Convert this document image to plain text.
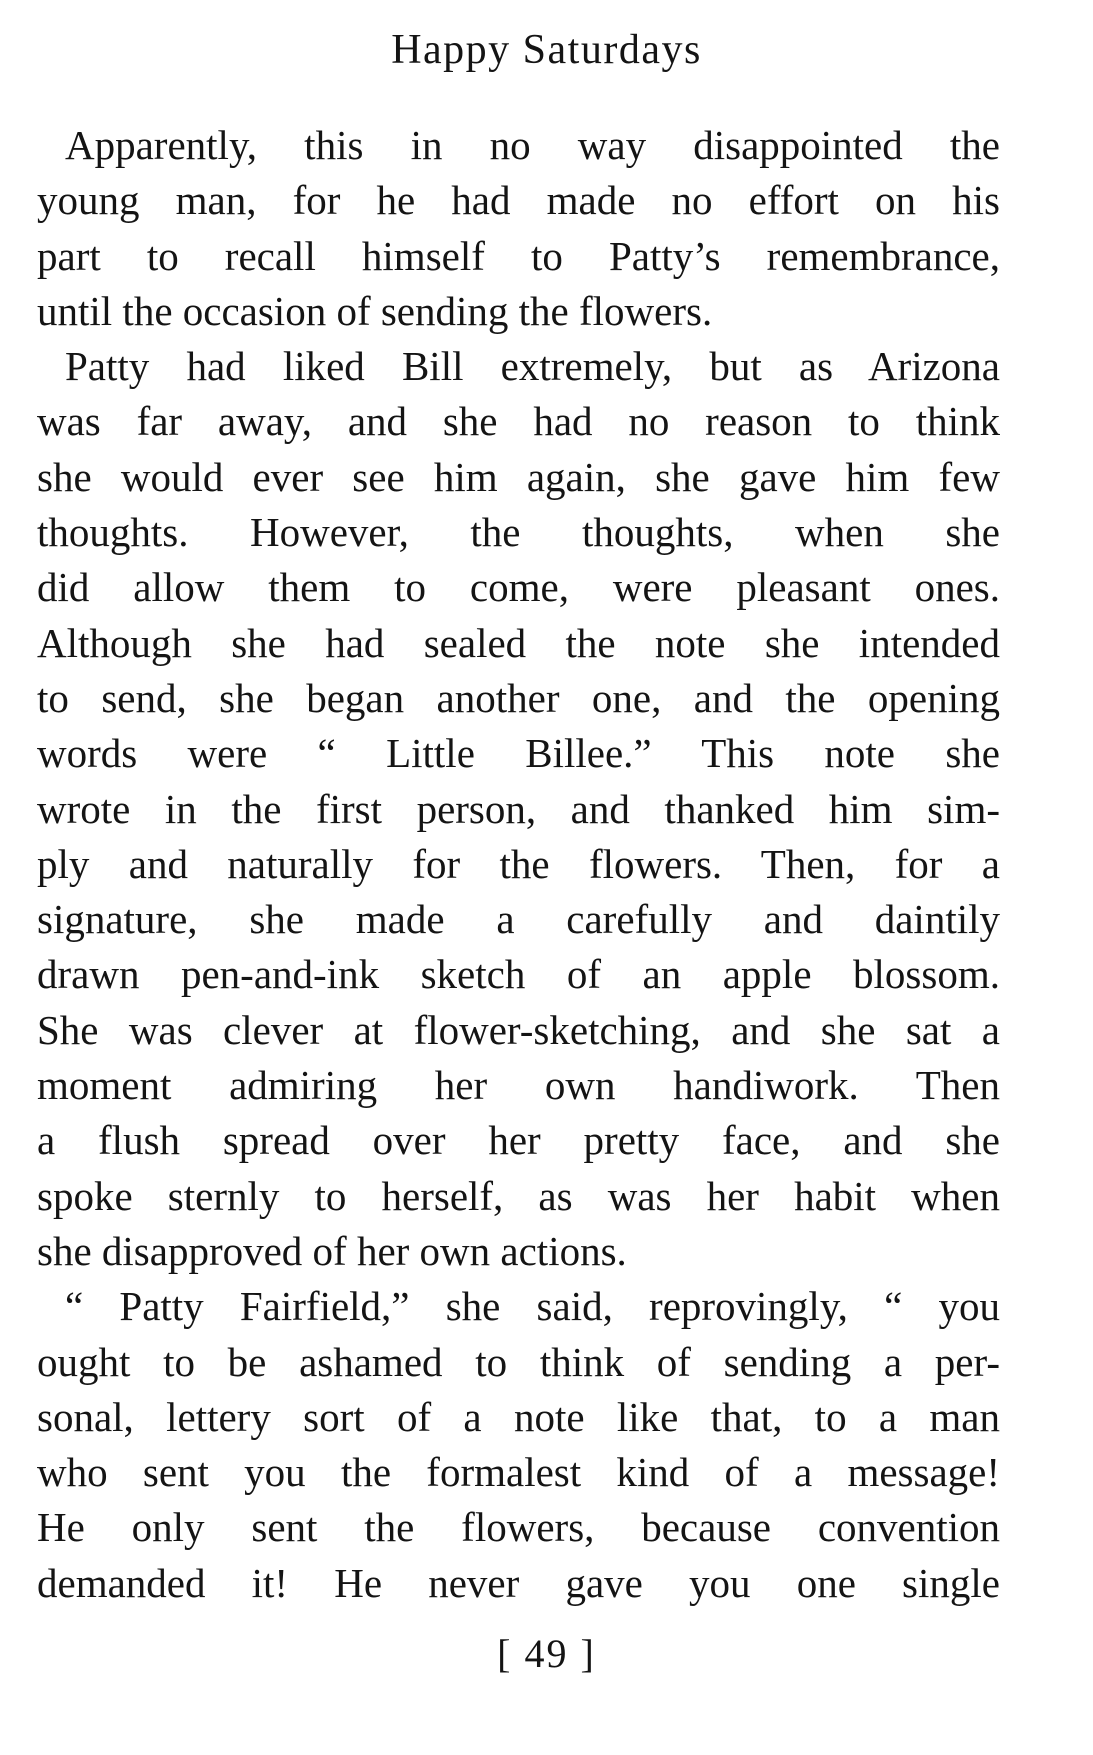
Happy Saturdays
Apparently, this in no way disappointed the
young man, for he had made no effort on his
part to recall himself to Patty’s remembrance,
until the occasion of sending the flowers.
Patty had liked Bill extremely, but as Arizona
was far away, and she had no reason to think
she would ever see him again, she gave him few
thoughts. However, the thoughts, when she
did allow them to come, were pleasant ones.
Although she had sealed the note she intended
to send, she began another one, and the opening
words were “ Little Billee.” This note she
wrote in the first person, and thanked him sim-
ply and naturally for the flowers. Then, for a
signature, she made a carefully and daintily
drawn pen-and-ink sketch of an apple blossom.
She was clever at flower-sketching, and she sat a
moment admiring her own handiwork. Then
a flush spread over her pretty face, and she
spoke sternly to herself, as was her habit when
she disapproved of her own actions.
“ Patty Fairfield,” she said, reprovingly, “ you
ought to be ashamed to think of sending a per-
sonal, lettery sort of a note like that, to a man
who sent you the formalest kind of a message!
He only sent the flowers, because convention
demanded it! He never gave you one single
[ 49 ]
